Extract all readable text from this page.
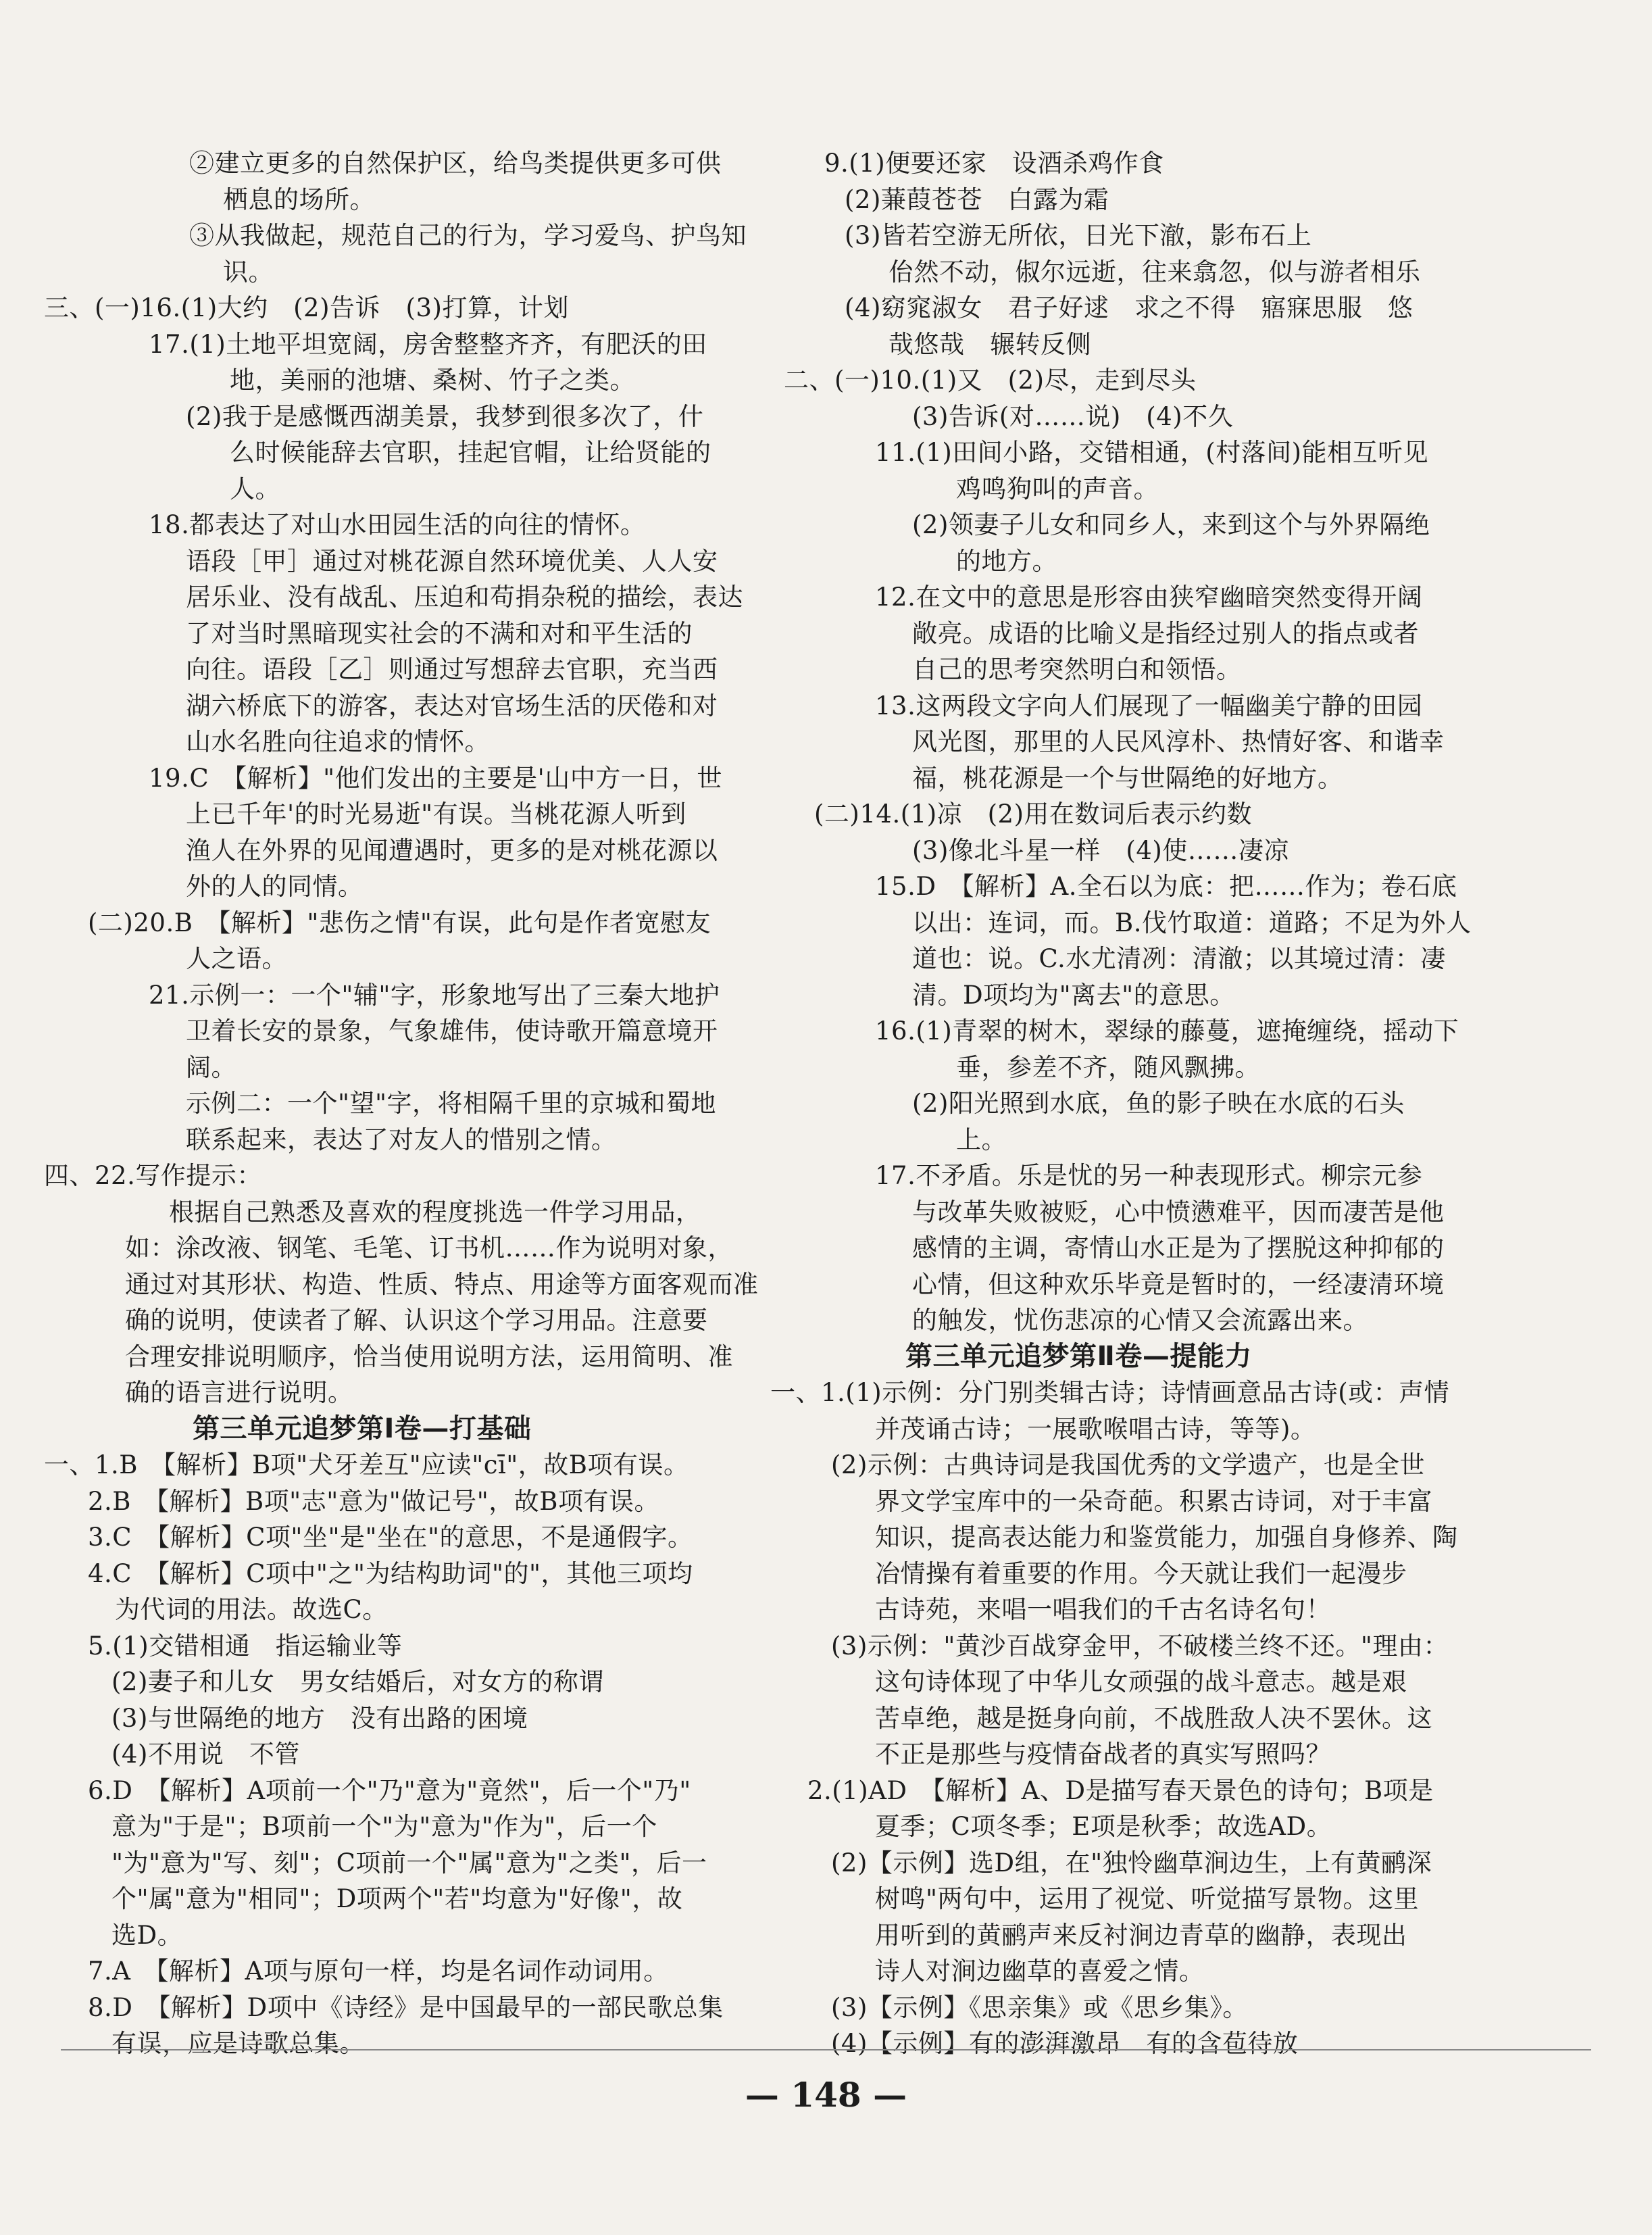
②建立更多的自然保护区，给鸟类提供更多可供
栖息的场所。
③从我做起，规范自己的行为，学习爱鸟、护鸟知
识。
三、(一)16.(1)大约　(2)告诉　(3)打算，计划
17.(1)土地平坦宽阔，房舍整整齐齐，有肥沃的田
地，美丽的池塘、桑树、竹子之类。
(2)我于是感慨西湖美景，我梦到很多次了，什
么时候能辞去官职，挂起官帽，让给贤能的
人。
18.都表达了对山水田园生活的向往的情怀。
语段［甲］通过对桃花源自然环境优美、人人安
居乐业、没有战乱、压迫和苟捐杂税的描绘，表达
了对当时黑暗现实社会的不满和对和平生活的
向往。语段［乙］则通过写想辞去官职，充当西
湖六桥底下的游客，表达对官场生活的厌倦和对
山水名胜向往追求的情怀。
19.C　【解析】"他们发出的主要是'山中方一日，世
上已千年'的时光易逝"有误。当桃花源人听到
渔人在外界的见闻遭遇时，更多的是对桃花源以
外的人的同情。
(二)20.B　【解析】"悲伤之情"有误，此句是作者宽慰友
人之语。
21.示例一：一个"辅"字，形象地写出了三秦大地护
卫着长安的景象，气象雄伟，使诗歌开篇意境开
阔。
示例二：一个"望"字，将相隔千里的京城和蜀地
联系起来，表达了对友人的惜别之情。
四、22.写作提示：
根据自己熟悉及喜欢的程度挑选一件学习用品，
如：涂改液、钢笔、毛笔、订书机……作为说明对象，
通过对其形状、构造、性质、特点、用途等方面客观而准
确的说明，使读者了解、认识这个学习用品。注意要
合理安排说明顺序，恰当使用说明方法，运用简明、准
确的语言进行说明。
第三单元追梦第Ⅰ卷—打基础
一、1.B　【解析】B项"犬牙差互"应读"cī"，故B项有误。
2.B　【解析】B项"志"意为"做记号"，故B项有误。
3.C　【解析】C项"坐"是"坐在"的意思，不是通假字。
4.C　【解析】C项中"之"为结构助词"的"，其他三项均
为代词的用法。故选C。
5.(1)交错相通　指运输业等
(2)妻子和儿女　男女结婚后，对女方的称谓
(3)与世隔绝的地方　没有出路的困境
(4)不用说　不管
6.D　【解析】A项前一个"乃"意为"竟然"，后一个"乃"
意为"于是"；B项前一个"为"意为"作为"，后一个
"为"意为"写、刻"；C项前一个"属"意为"之类"，后一
个"属"意为"相同"；D项两个"若"均意为"好像"，故
选D。
7.A　【解析】A项与原句一样，均是名词作动词用。
8.D　【解析】D项中《诗经》是中国最早的一部民歌总集
有误，应是诗歌总集。
9.(1)便要还家　设酒杀鸡作食
(2)蒹葭苍苍　白露为霜
(3)皆若空游无所依，日光下澈，影布石上
佁然不动，俶尔远逝，往来翕忽，似与游者相乐
(4)窈窕淑女　君子好逑　求之不得　寤寐思服　悠
哉悠哉　辗转反侧
二、(一)10.(1)又　(2)尽，走到尽头
(3)告诉(对……说)　(4)不久
11.(1)田间小路，交错相通，(村落间)能相互听见
鸡鸣狗叫的声音。
(2)领妻子儿女和同乡人，来到这个与外界隔绝
的地方。
12.在文中的意思是形容由狭窄幽暗突然变得开阔
敞亮。成语的比喻义是指经过别人的指点或者
自己的思考突然明白和领悟。
13.这两段文字向人们展现了一幅幽美宁静的田园
风光图，那里的人民风淳朴、热情好客、和谐幸
福，桃花源是一个与世隔绝的好地方。
(二)14.(1)凉　(2)用在数词后表示约数
(3)像北斗星一样　(4)使……凄凉
15.D　【解析】A.全石以为底：把……作为；卷石底
以出：连词，而。B.伐竹取道：道路；不足为外人
道也：说。C.水尤清冽：清澈；以其境过清：凄
清。D项均为"离去"的意思。
16.(1)青翠的树木，翠绿的藤蔓，遮掩缠绕，摇动下
垂，参差不齐，随风飘拂。
(2)阳光照到水底，鱼的影子映在水底的石头
上。
17.不矛盾。乐是忧的另一种表现形式。柳宗元参
与改革失败被贬，心中愤懑难平，因而凄苦是他
感情的主调，寄情山水正是为了摆脱这种抑郁的
心情，但这种欢乐毕竟是暂时的，一经凄清环境
的触发，忧伤悲凉的心情又会流露出来。
第三单元追梦第Ⅱ卷—提能力
一、1.(1)示例：分门别类辑古诗；诗情画意品古诗(或：声情
并茂诵古诗；一展歌喉唱古诗，等等)。
(2)示例：古典诗词是我国优秀的文学遗产，也是全世
界文学宝库中的一朵奇葩。积累古诗词，对于丰富
知识，提高表达能力和鉴赏能力，加强自身修养、陶
冶情操有着重要的作用。今天就让我们一起漫步
古诗苑，来唱一唱我们的千古名诗名句！
(3)示例："黄沙百战穿金甲，不破楼兰终不还。"理由：
这句诗体现了中华儿女顽强的战斗意志。越是艰
苦卓绝，越是挺身向前，不战胜敌人决不罢休。这
不正是那些与疫情奋战者的真实写照吗？
2.(1)AD　【解析】A、D是描写春天景色的诗句；B项是
夏季；C项冬季；E项是秋季；故选AD。
(2)【示例】选D组，在"独怜幽草涧边生，上有黄鹂深
树鸣"两句中，运用了视觉、听觉描写景物。这里
用听到的黄鹂声来反衬涧边青草的幽静，表现出
诗人对涧边幽草的喜爱之情。
(3)【示例】《思亲集》或《思乡集》。
(4)【示例】有的澎湃激昂　有的含苞待放
— 148 —
